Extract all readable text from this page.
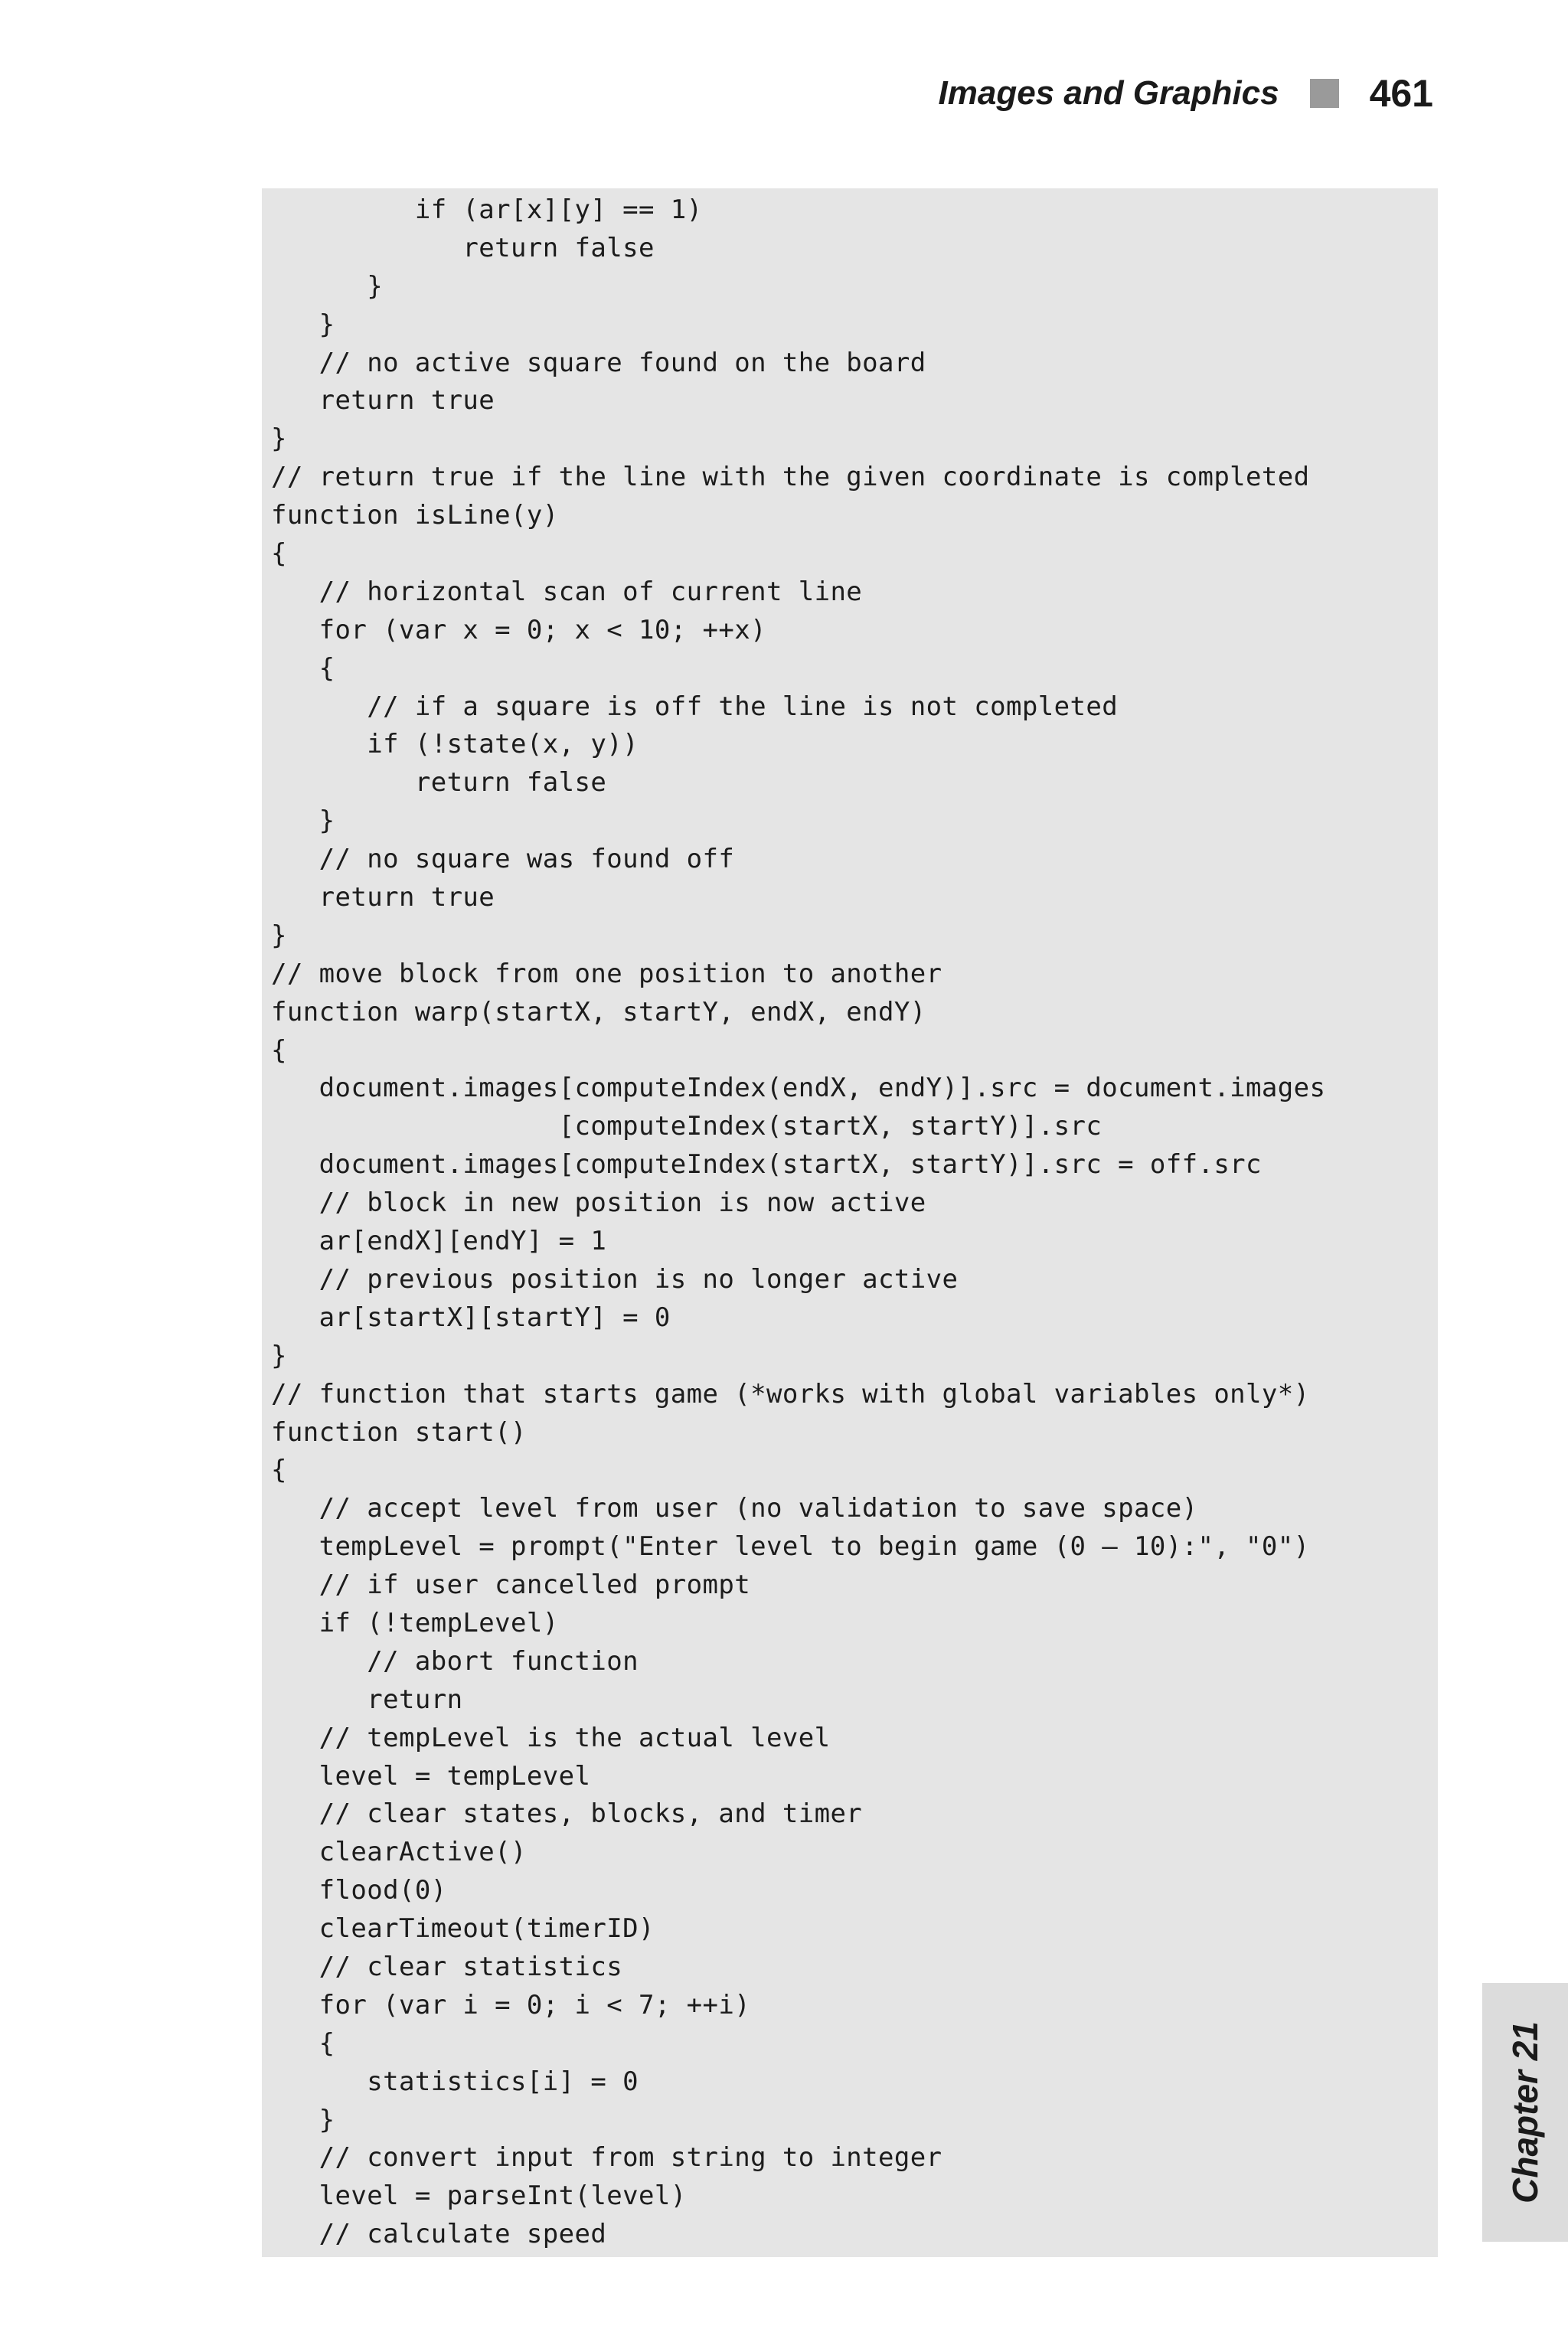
Images and Graphics 461
if (ar[x][y] == 1)
return false
}
}
// no active square found on the board
return true
}
// return true if the line with the given coordinate is completed
function isLine(y)
{
// horizontal scan of current line
for (var x = 0; x < 10; ++x)
{
// if a square is off the line is not completed
if (!state(x, y))
return false
}
// no square was found off
return true
}
// move block from one position to another
function warp(startX, startY, endX, endY)
{
document.images[computeIndex(endX, endY)].src = document.images
[computeIndex(startX, startY)].src
document.images[computeIndex(startX, startY)].src = off.src
// block in new position is now active
ar[endX][endY] = 1
// previous position is no longer active
ar[startX][startY] = 0
}
// function that starts game (*works with global variables only*)
function start()
{
// accept level from user (no validation to save space)
tempLevel = prompt("Enter level to begin game (0 – 10):", "0")
// if user cancelled prompt
if (!tempLevel)
// abort function
return
// tempLevel is the actual level
level = tempLevel
// clear states, blocks, and timer
clearActive()
flood(0)
clearTimeout(timerID)
// clear statistics
for (var i = 0; i < 7; ++i)
{
statistics[i] = 0
}
// convert input from string to integer
level = parseInt(level)
// calculate speed
Chapter 21
